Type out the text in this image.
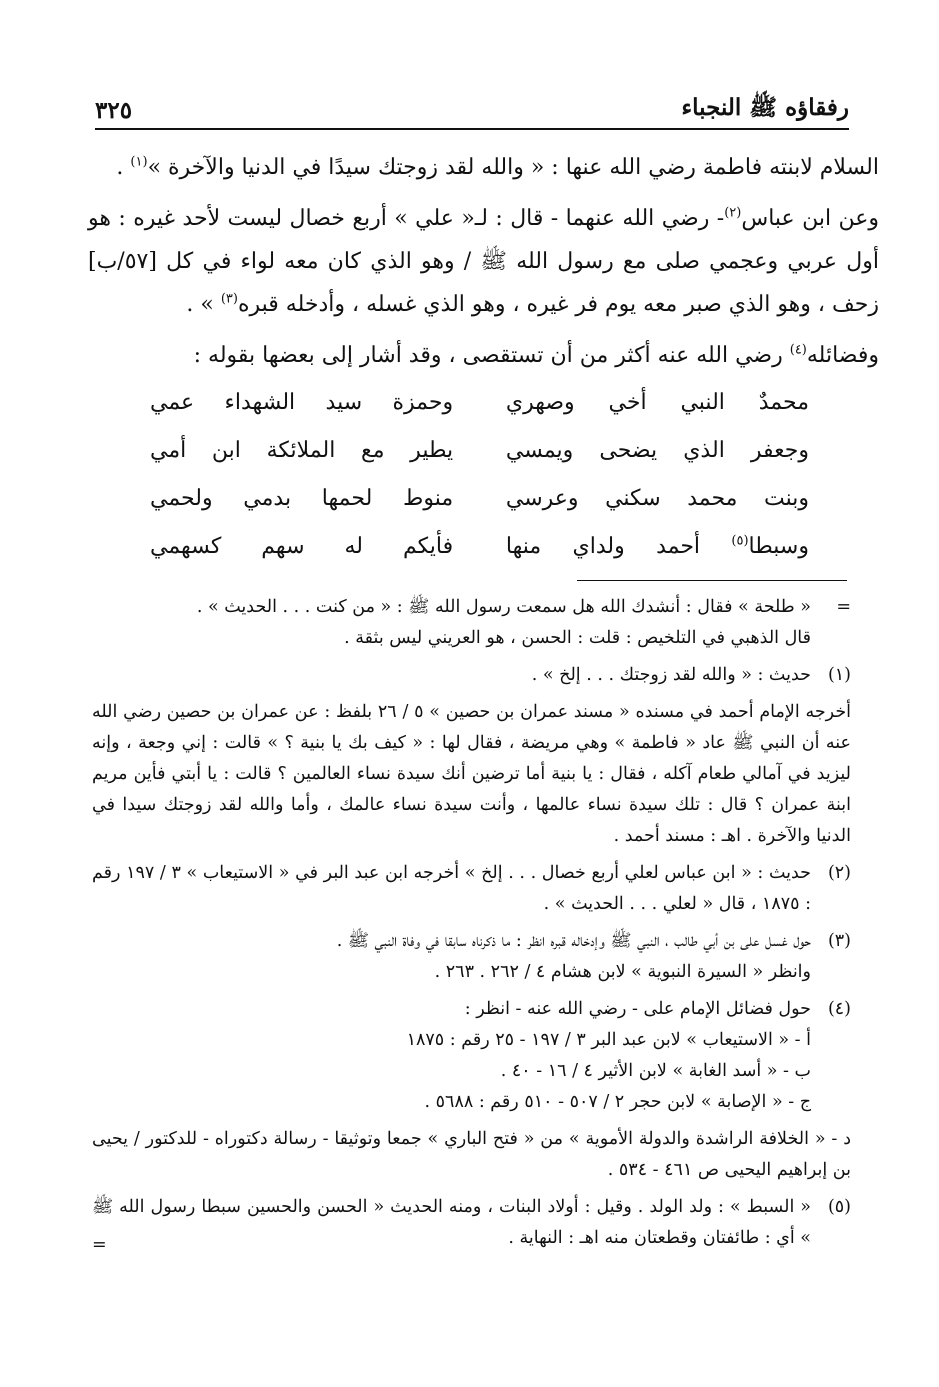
رفقاؤه ﷺ النجباء
٣٢٥

السلام لابنته فاطمة رضي الله عنها : « والله لقد زوجتك سيدًا في الدنيا والآخرة »$^{(١)}$ .

وعن ابن عباس$^{(٢)}$- رضي الله عنهما - قال : لـ« علي » أربع خصال ليست لأحد غيره : هو أول عربي وعجمي صلى مع رسول الله ﷺ / وهو الذي كان معه لواء في كل [٥٧/ب] زحف ، وهو الذي صبر معه يوم فر غيره ، وهو الذي غسله ، وأدخله قبره$^{(٣)}$ » .

وفضائله$^{(٤)}$ رضي الله عنه أكثر من أن تستقصى ، وقد أشار إلى بعضها بقوله :

محمدٌ النبي أخي وصهري
وحمزة سيد الشهداء عمي
وجعفر الذي يضحى ويمسي
يطير مع الملائكة ابن أمي
وبنت محمد سكني وعرسي
منوط لحمها بدمي ولحمي
وسبطا$^{(٥)}$ أحمد ولداي منها
فأيكم له سهم كسهمي
=

« طلحة » فقال : أنشدك الله هل سمعت رسول الله ﷺ : « من كنت . . . الحديث » .

قال الذهبي في التلخيص : قلت : الحسن ، هو العريني ليس بثقة .

(١)

حديث : « والله لقد زوجتك . . . إلخ » .

أخرجه الإمام أحمد في مسنده « مسند عمران بن حصين » ٥ / ٢٦ بلفظ : عن عمران بن حصين رضي الله عنه أن النبي ﷺ عاد « فاطمة » وهي مريضة ، فقال لها : « كيف بك يا بنية ؟ » قالت : إني وجعة ، وإنه ليزيد في آمالي طعام آكله ، فقال : يا بنية أما ترضين أنك سيدة نساء العالمين ؟ قالت : يا أبتي فأين مريم ابنة عمران ؟ قال : تلك سيدة نساء عالمها ، وأنت سيدة نساء عالمك ، وأما والله لقد زوجتك سيدا في الدنيا والآخرة . اهـ : مسند أحمد .

(٢)

حديث : « ابن عباس لعلي أربع خصال . . . إلخ » أخرجه ابن عبد البر في « الاستيعاب » ٣ / ١٩٧ رقم : ١٨٧٥ ، قال « لعلي . . . الحديث » .

(٣)

حول غسل على بن أبي طالب ، النبي ﷺ وإدخاله قبره انظر : ما ذكرناه سابقا في وفاة النبي ﷺ .

وانظر « السيرة النبوية » لابن هشام ٤ / ٢٦٢ . ٢٦٣ .

(٤)

حول فضائل الإمام على - رضي الله عنه - انظر :

أ - « الاستيعاب » لابن عبد البر ٣ / ١٩٧ - ٢٥ رقم : ١٨٧٥

ب - « أسد الغابة » لابن الأثير ٤ / ١٦ - ٤٠ .

ج - « الإصابة » لابن حجر ٢ / ٥٠٧ - ٥١٠ رقم : ٥٦٨٨ .

د - « الخلافة الراشدة والدولة الأموية » من « فتح الباري » جمعا وتوثيقا - رسالة دكتوراه - للدكتور / يحيى بن إبراهيم اليحيى ص ٤٦١ - ٥٣٤ .

(٥)

« السبط » : ولد الولد . وقيل : أولاد البنات ، ومنه الحديث « الحسن والحسين سبطا رسول الله ﷺ » أي : طائفتان وقطعتان منه اهـ : النهاية .

=
